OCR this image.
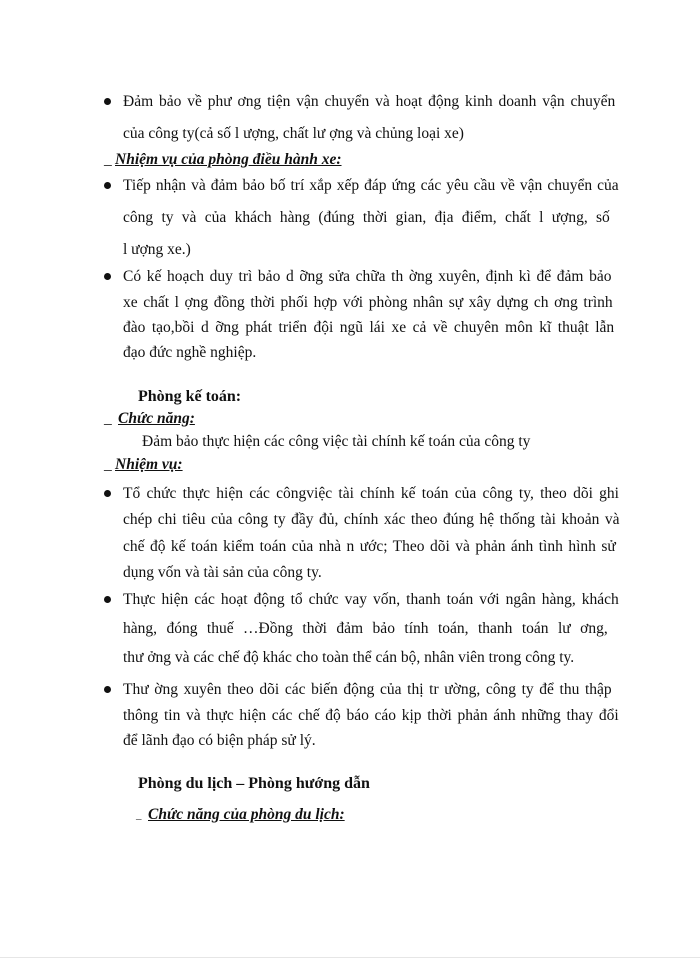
Đảm bảo về phư ơng tiện vận chuyển và hoạt động kinh doanh vận chuyển
của công ty(cả số l ượng, chất lư ợng và chủng loại xe)
_ Nhiệm vụ của phòng điều hành xe:
Tiếp nhận và đảm bảo bố trí xắp xếp đáp ứng các yêu cầu về vận chuyển của
công ty và của khách hàng (đúng thời gian, địa điểm, chất l ượng, số
l ượng xe.)
Có kế hoạch duy trì bảo d ỡng sửa chữa th ờng xuyên, định kì để đảm bảo
xe chất l ợng đồng thời phối hợp với phòng nhân sự xây dựng ch ơng trình
đào tạo,bồi d ỡng phát triển đội ngũ lái xe cả về chuyên môn kĩ thuật lẫn
đạo đức nghề nghiệp.
Phòng kế toán:
_ Chức năng:
Đảm bảo thực hiện các công việc tài chính kế toán của công ty
_ Nhiệm vụ:
Tổ chức thực hiện các côngviệc tài chính kế toán của công ty, theo dõi ghi
chép chi tiêu của công ty đầy đủ, chính xác theo đúng hệ thống tài khoản và
chế độ kế toán kiểm toán của nhà n ước; Theo dõi và phản ánh tình hình sử
dụng vốn và tài sản của công ty.
Thực hiện các hoạt động tổ chức vay vốn, thanh toán với ngân hàng, khách
hàng, đóng thuế …Đồng thời đảm bảo tính toán, thanh toán lư ơng,
thư ởng và các chế độ khác cho toàn thể cán bộ, nhân viên trong công ty.
Thư ờng xuyên theo dõi các biến động của thị tr ường, công ty để thu thập
thông tin và thực hiện các chế độ báo cáo kịp thời phản ánh những thay đổi
để lãnh đạo có biện pháp sử lý.
Phòng du lịch – Phòng hướng dẫn
_ Chức năng của phòng du lịch:
